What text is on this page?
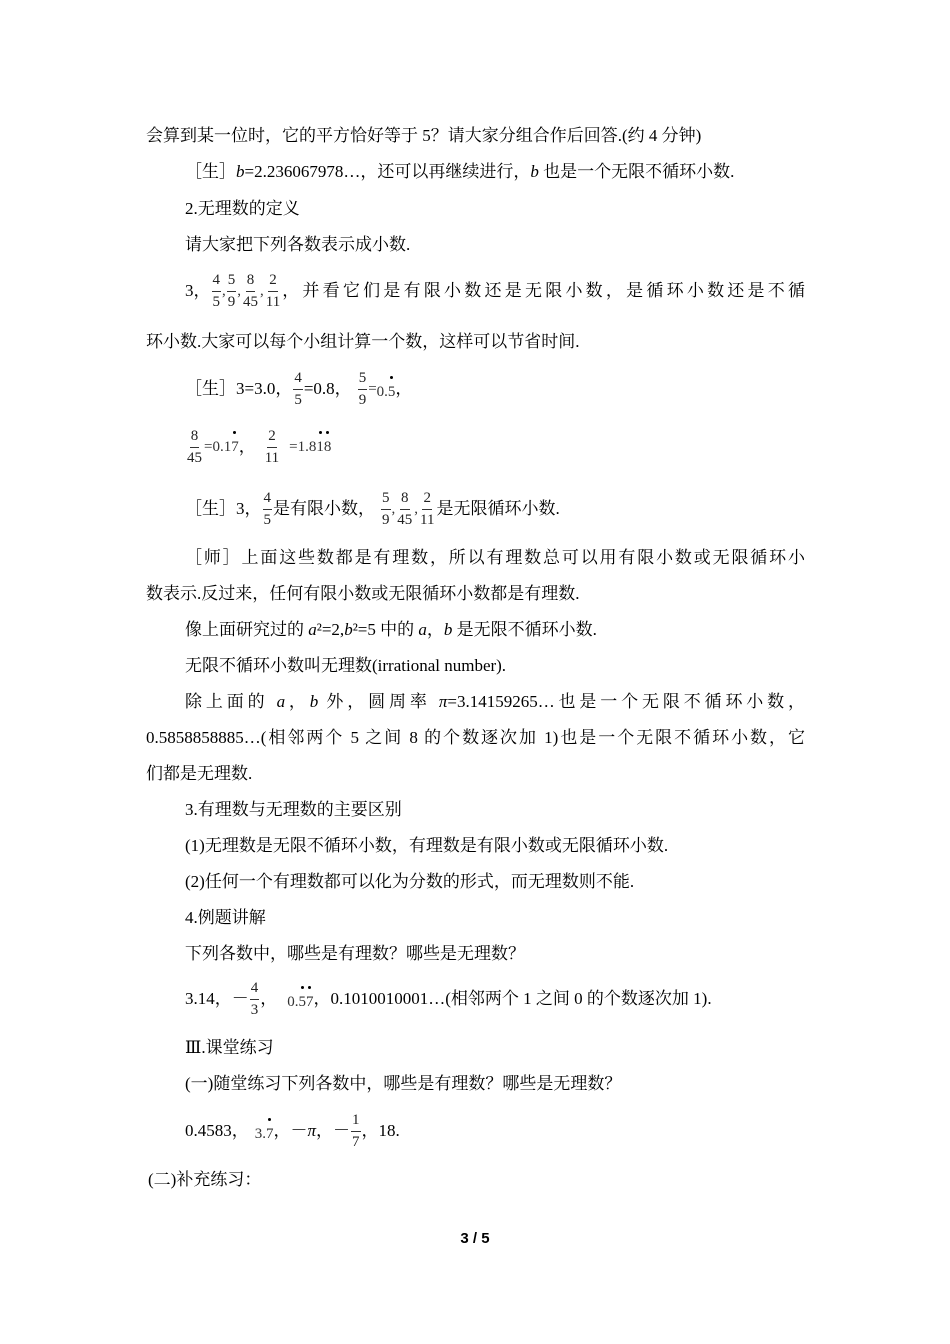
会算到某一位时，它的平方恰好等于 5？请大家分组合作后回答.(约 4 分钟)
［生］b=2.236067978…，还可以再继续进行，b 也是一个无限不循环小数.
2.无理数的定义
请大家把下列各数表示成小数.
3， $\frac{4}{5}$ , $\frac{5}{9}$ , $\frac{8}{45}$ , $\frac{2}{11}$ ，并看它们是有限小数还是无限小数，是循环小数还是不循
环小数.大家可以每个小组计算一个数，这样可以节省时间.
［生］3=3.0， $\frac{4}{5} =0.8$， $\frac{5}{9} = 0.5$ ，
$\frac{8}{45} = 0.17$ ， $\frac{2}{11} = 1.818$
［生］3， $\frac{4}{5}$ 是有限小数， $\frac{5}{9}$ , $\frac{8}{45}$ , $\frac{2}{11}$ 是无限循环小数.
［师］上面这些数都是有理数，所以有理数总可以用有限小数或无限循环小
数表示.反过来，任何有限小数或无限循环小数都是有理数.
像上面研究过的 a²=2,b²=5 中的 a，b 是无限不循环小数.
无限不循环小数叫无理数(irrational number).
除上面的 a，b 外，圆周率 π=3.14159265…也是一个无限不循环小数，
0.5858858885…(相邻两个 5 之间 8 的个数逐次加 1)也是一个无限不循环小数，它
们都是无理数.
3.有理数与无理数的主要区别
(1)无理数是无限不循环小数，有理数是有限小数或无限循环小数.
(2)任何一个有理数都可以化为分数的形式，而无理数则不能.
4.例题讲解
下列各数中，哪些是有理数？哪些是无理数？
3.14，－ $\frac{4}{3}$ ， 0.57 ，0.1010010001…(相邻两个 1 之间 0 的个数逐次加 1).
Ⅲ.课堂练习
(一)随堂练习下列各数中，哪些是有理数？哪些是无理数？
0.4583， 3.7 ，－ π ，－ $\frac{1}{7}$ ，18.
(二)补充练习：
3 / 5
